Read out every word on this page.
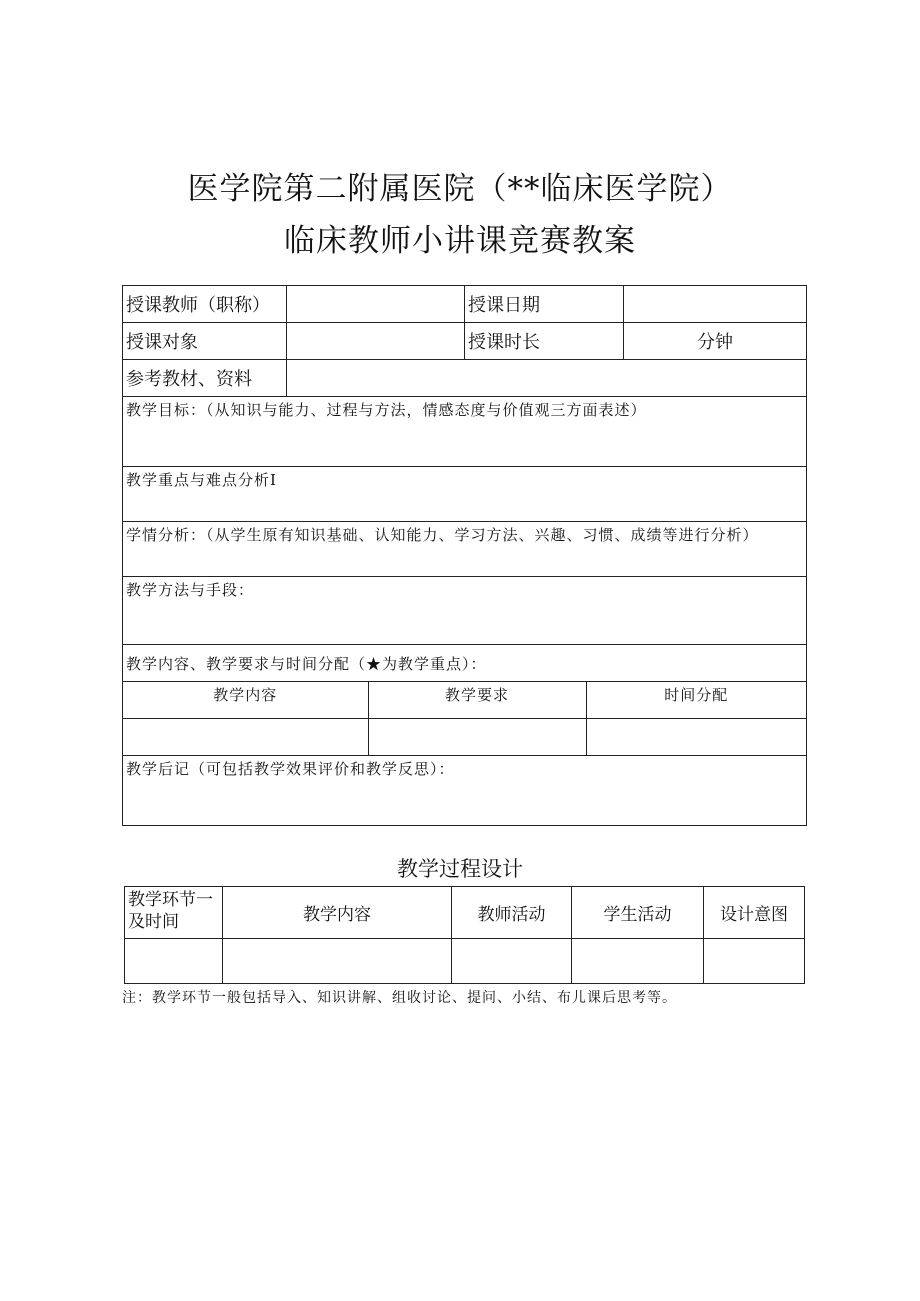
医学院第二附属医院（**临床医学院）
临床教师小讲课竞赛教案
授课教师（职称）		授课日期	
授课对象		授课时长	分钟
参考教材、资料	
教学目标：（从知识与能力、过程与方法，情感态度与价值观三方面表述）
教学重点与难点分析I
学情分析：（从学生原有知识基础、认知能力、学习方法、兴趣、习惯、成绩等进行分析）
教学方法与手段：
教学内容、教学要求与时间分配（★为教学重点）：

教学内容	教学要求	时间分配

教学后记（可包括教学效果评价和教学反思）：
教学过程设计
教学环节一及时间	教学内容	教师活动	学生活动	设计意图

注：教学环节一般包括导入、知识讲解、组收讨论、提问、小结、布儿课后思考等。
